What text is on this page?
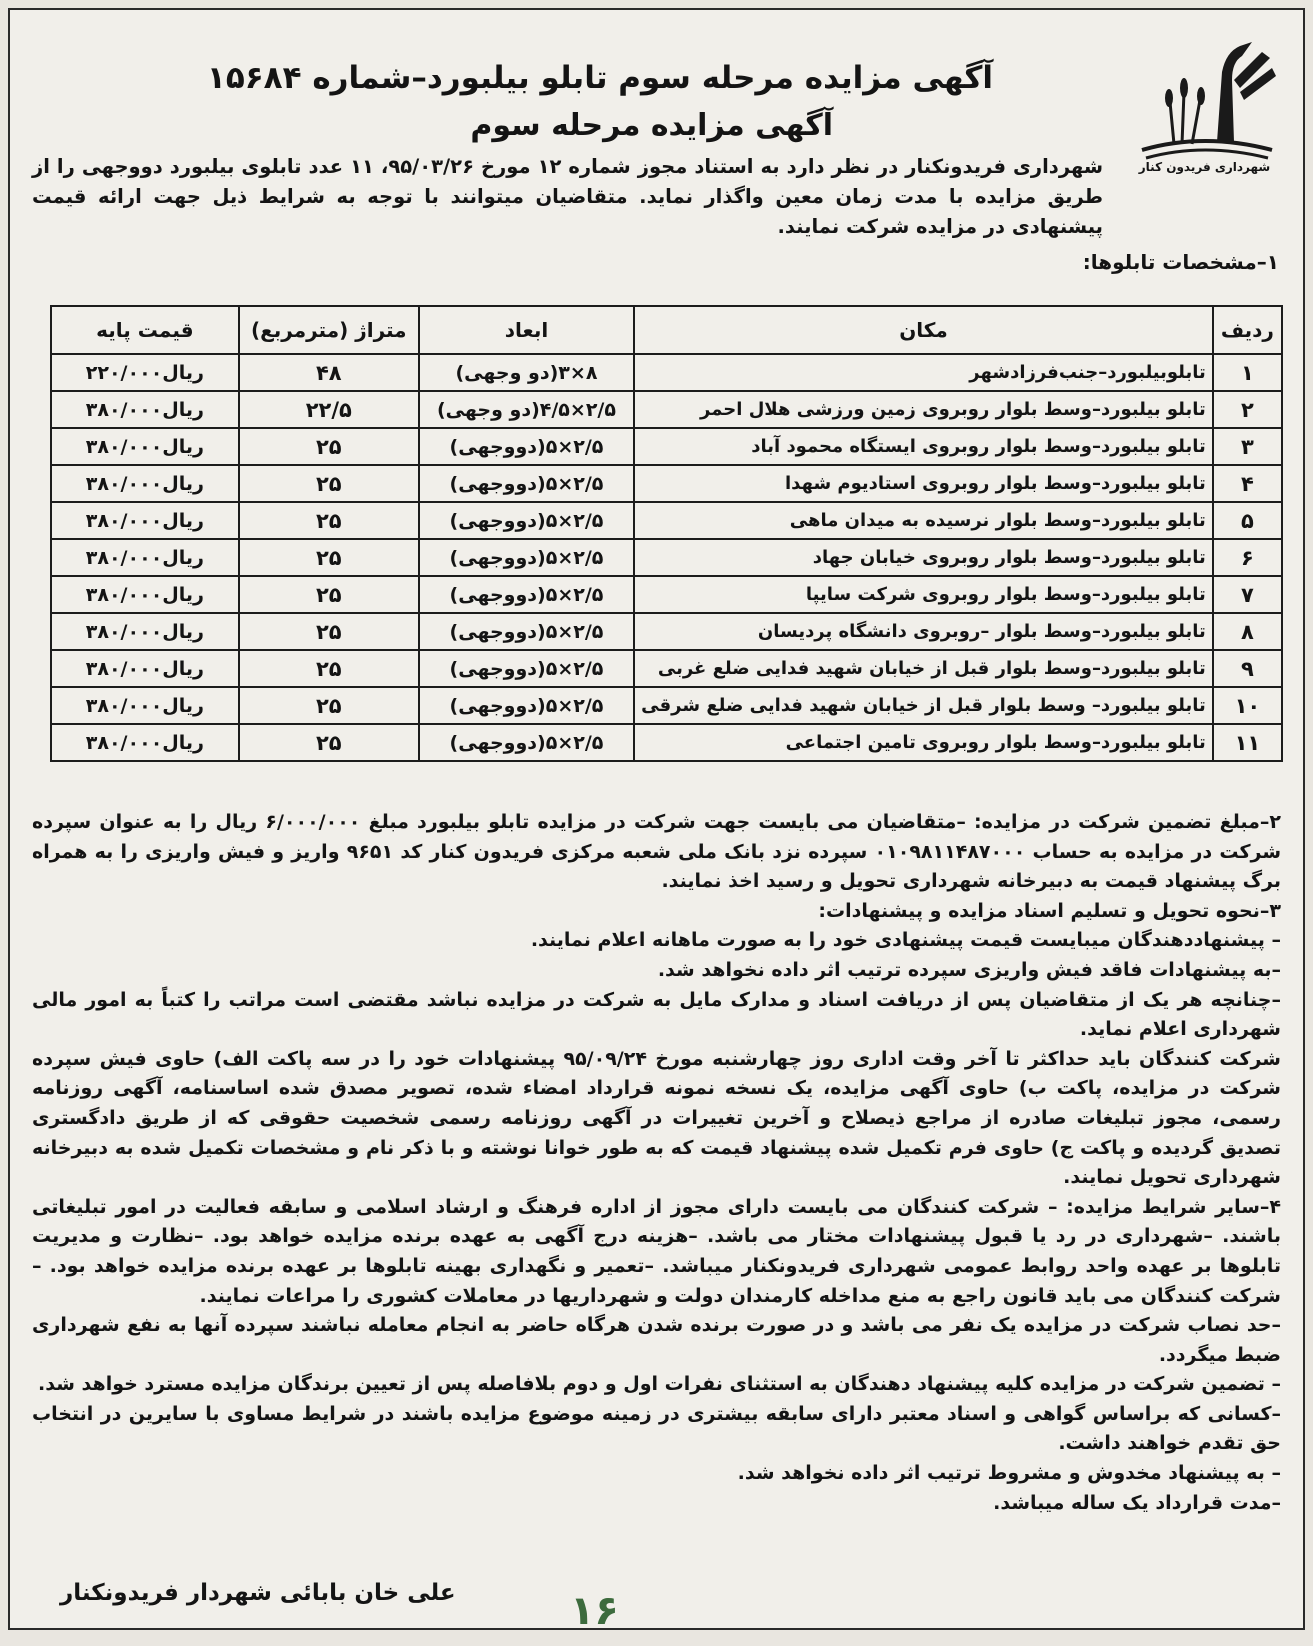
شهرداری فریدون کنار
آگهی مزایده مرحله سوم تابلو بیلبورد–شماره ۱۵۶۸۴
آگهی مزایده مرحله سوم

شهرداری فریدونکنار در نظر دارد به استناد مجوز شماره ۱۲ مورخ ۹۵/۰۳/۲۶، ۱۱ عدد تابلوی بیلبورد دووجهی را از طریق مزایده با مدت زمان معین واگذار نماید. متقاضیان میتوانند با توجه به شرایط ذیل جهت ارائه قیمت پیشنهادی در مزایده شرکت نمایند.

۱–مشخصات تابلوها:

ردیف	مکان	ابعاد	متراژ (مترمربع)	قیمت پایه
۱	تابلوبیلبورد–جنب‌فرزادشهر	۸×۳(دو وجهی)	۴۸	۲۲۰/۰۰۰ریال
۲	تابلو بیلبورد–وسط بلوار روبروی زمین ورزشی هلال احمر	۲/۵×۴/۵(دو وجهی)	۲۲/۵	۳۸۰/۰۰۰ریال
۳	تابلو بیلبورد–وسط بلوار روبروی ایستگاه محمود آباد	۲/۵×۵(دووجهی)	۲۵	۳۸۰/۰۰۰ریال
۴	تابلو بیلبورد–وسط بلوار روبروی استادیوم شهدا	۲/۵×۵(دووجهی)	۲۵	۳۸۰/۰۰۰ریال
۵	تابلو بیلبورد–وسط بلوار نرسیده به میدان ماهی	۲/۵×۵(دووجهی)	۲۵	۳۸۰/۰۰۰ریال
۶	تابلو بیلبورد–وسط بلوار روبروی خیابان جهاد	۲/۵×۵(دووجهی)	۲۵	۳۸۰/۰۰۰ریال
۷	تابلو بیلبورد–وسط بلوار روبروی شرکت سایپا	۲/۵×۵(دووجهی)	۲۵	۳۸۰/۰۰۰ریال
۸	تابلو بیلبورد–وسط بلوار –روبروی دانشگاه پردیسان	۲/۵×۵(دووجهی)	۲۵	۳۸۰/۰۰۰ریال
۹	تابلو بیلبورد–وسط بلوار قبل از خیابان شهید فدایی ضلع غربی	۲/۵×۵(دووجهی)	۲۵	۳۸۰/۰۰۰ریال
۱۰	تابلو بیلبورد– وسط بلوار قبل از خیابان شهید فدایی ضلع شرقی	۲/۵×۵(دووجهی)	۲۵	۳۸۰/۰۰۰ریال
۱۱	تابلو بیلبورد–وسط بلوار روبروی تامین اجتماعی	۲/۵×۵(دووجهی)	۲۵	۳۸۰/۰۰۰ریال

۲–مبلغ تضمین شرکت در مزایده: –متقاضیان می بایست جهت شرکت در مزایده تابلو بیلبورد مبلغ ۶/۰۰۰/۰۰۰ ریال را به عنوان سپرده شرکت در مزایده به حساب ۰۱۰۹۸۱۱۴۸۷۰۰۰ سپرده نزد بانک ملی شعبه مرکزی فریدون کنار کد ۹۶۵۱ واریز و فیش واریزی را به همراه برگ پیشنهاد قیمت به دبیرخانه شهرداری تحویل و رسید اخذ نمایند.

۳–نحوه تحویل و تسلیم اسناد مزایده و پیشنهادات:

– پیشنهاددهندگان میبایست قیمت پیشنهادی خود را به صورت ماهانه اعلام نمایند.

–به پیشنهادات فاقد فیش واریزی سپرده ترتیب اثر داده نخواهد شد.

–چنانچه هر یک از متقاضیان پس از دریافت اسناد و مدارک مایل به شرکت در مزایده نباشد مقتضی است مراتب را کتباً به امور مالی شهرداری اعلام نماید.

شرکت کنندگان باید حداکثر تا آخر وقت اداری روز چهارشنبه مورخ ۹۵/۰۹/۲۴ پیشنهادات خود را در سه پاکت الف) حاوی فیش سپرده شرکت در مزایده، پاکت ب) حاوی آگهی مزایده، یک نسخه نمونه قرارداد امضاء شده، تصویر مصدق شده اساسنامه، آگهی روزنامه رسمی، مجوز تبلیغات صادره از مراجع ذیصلاح و آخرین تغییرات در آگهی روزنامه رسمی شخصیت حقوقی که از طریق دادگستری تصدیق گردیده و پاکت ج) حاوی فرم تکمیل شده پیشنهاد قیمت که به طور خوانا نوشته و با ذکر نام و مشخصات تکمیل شده به دبیرخانه شهرداری تحویل نمایند.

۴–سایر شرایط مزایده: – شرکت کنندگان می بایست دارای مجوز از اداره فرهنگ و ارشاد اسلامی و سابقه فعالیت در امور تبلیغاتی باشند. –شهرداری در رد یا قبول پیشنهادات مختار می باشد. –هزینه درج آگهی به عهده برنده مزایده خواهد بود. –نظارت و مدیریت تابلوها بر عهده واحد روابط عمومی شهرداری فریدونکنار میباشد. –تعمیر و نگهداری بهینه تابلوها بر عهده برنده مزایده خواهد بود. –شرکت کنندگان می باید قانون راجع به منع مداخله کارمندان دولت و شهرداریها در معاملات کشوری را مراعات نمایند.

–حد نصاب شرکت در مزایده یک نفر می باشد و در صورت برنده شدن هرگاه حاضر به انجام معامله نباشند سپرده آنها به نفع شهرداری ضبط میگردد.

– تضمین شرکت در مزایده کلیه پیشنهاد دهندگان به استثنای نفرات اول و دوم بلافاصله پس از تعیین برندگان مزایده مسترد خواهد شد.

–کسانی که براساس گواهی و اسناد معتبر دارای سابقه بیشتری در زمینه موضوع مزایده باشند در شرایط مساوی با سایرین در انتخاب حق تقدم خواهند داشت.

– به پیشنهاد مخدوش و مشروط ترتیب اثر داده نخواهد شد.

–مدت قرارداد یک ساله میباشد.

علی خان بابائی شهردار فریدونکنار	۱۶
